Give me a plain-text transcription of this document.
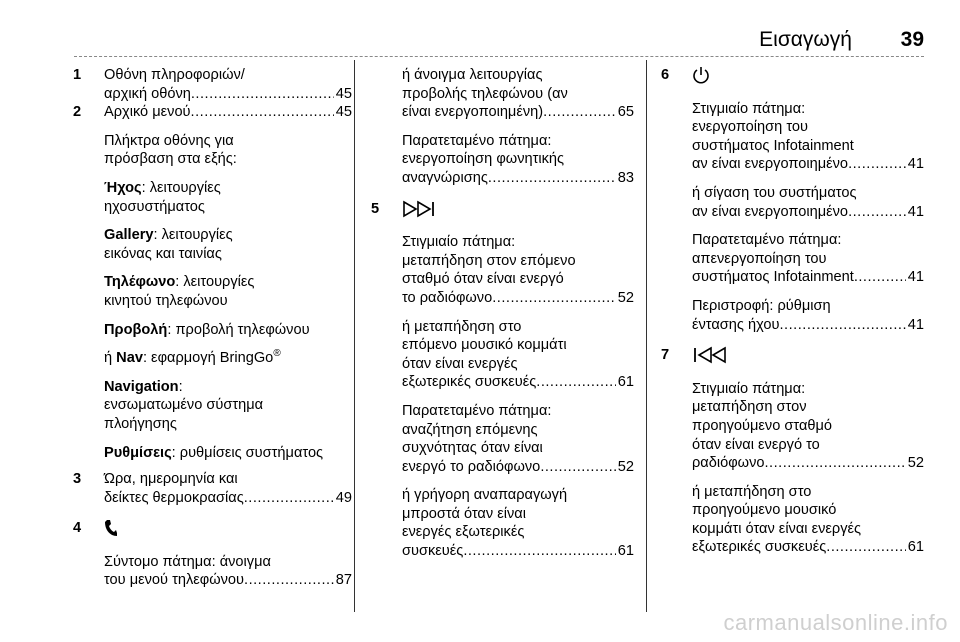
Εισαγωγή 39
1 Οθόνη πληροφοριών/
αρχική οθόνη .....	45
2 Αρχικό μενού .....	45
Πλήκτρα οθόνης για
πρόσβαση στα εξής:
Ήχος: λειτουργίες
ηχοσυστήματος
Gallery: λειτουργίες
εικόνας και ταινίας
Τηλέφωνο: λειτουργίες
κινητού τηλεφώνου
Προβολή: προβολή τηλεφώνου
ή Nav: εφαρμογή BringGo®
Navigation:
ενσωματωμένο σύστημα
πλοήγησης
Ρυθμίσεις: ρυθμίσεις συστήματος
3 Ώρα, ημερομηνία και
δείκτες θερμοκρασίας .....	49
4
Σύντομο πάτημα: άνοιγμα
του μενού τηλεφώνου .....	87
ή άνοιγμα λειτουργίας
προβολής τηλεφώνου (αν
είναι ενεργοποιημένη) .....	65
Παρατεταμένο πάτημα:
ενεργοποίηση φωνητικής
αναγνώρισης .....	83
5
Στιγμιαίο πάτημα:
μεταπήδηση στον επόμενο
σταθμό όταν είναι ενεργό
το ραδιόφωνο .....	52
ή μεταπήδηση στο
επόμενο μουσικό κομμάτι
όταν είναι ενεργές
εξωτερικές συσκευές .....	61
Παρατεταμένο πάτημα:
αναζήτηση επόμενης
συχνότητας όταν είναι
ενεργό το ραδιόφωνο .....	52
ή γρήγορη αναπαραγωγή
μπροστά όταν είναι
ενεργές εξωτερικές
συσκευές .....	61
6
Στιγμιαίο πάτημα:
ενεργοποίηση του
συστήματος Infotainment
αν είναι ενεργοποιημένο .....	41
ή σίγαση του συστήματος
αν είναι ενεργοποιημένο .....	41
Παρατεταμένο πάτημα:
απενεργοποίηση του
συστήματος Infotainment .....	41
Περιστροφή: ρύθμιση
έντασης ήχου .....	41
7
Στιγμιαίο πάτημα:
μεταπήδηση στον
προηγούμενο σταθμό
όταν είναι ενεργό το
ραδιόφωνο .....	52
ή μεταπήδηση στο
προηγούμενο μουσικό
κομμάτι όταν είναι ενεργές
εξωτερικές συσκευές .....	61
carmanualsonline.info
